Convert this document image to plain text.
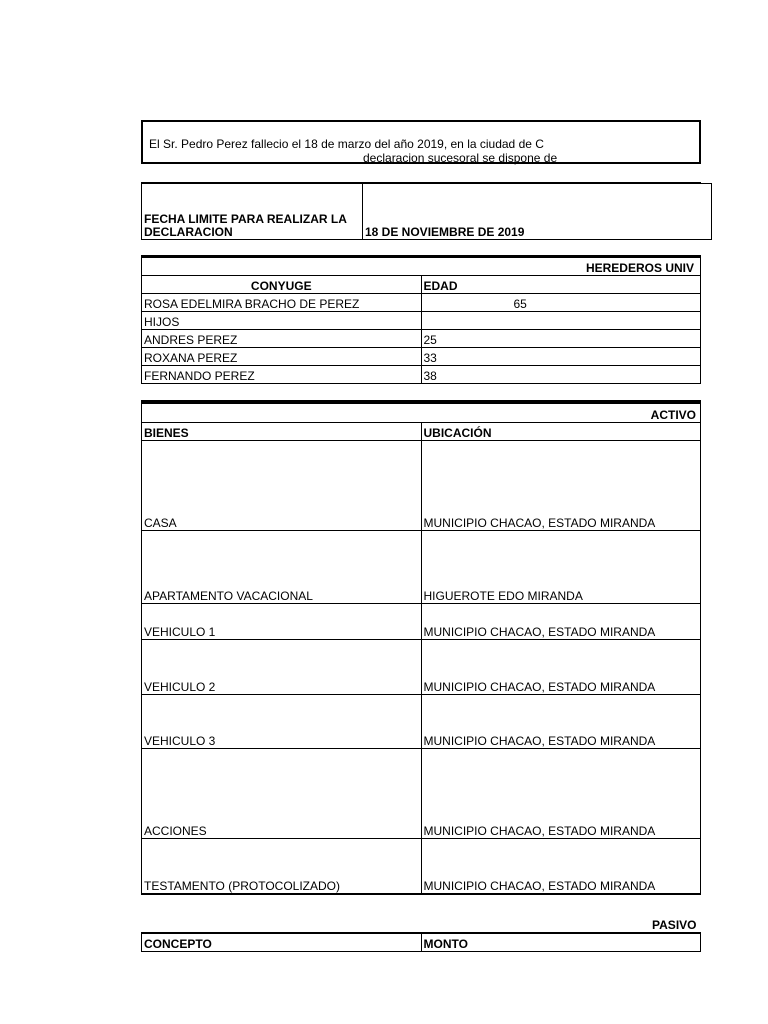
El Sr. Pedro Perez fallecio el 18 de marzo del año 2019, en la ciudad de C
declaracion sucesoral se dispone de
FECHA LIMITE PARA REALIZAR LA DECLARACION	18 DE NOVIEMBRE DE 2019
HEREDEROS UNIV	
CONYUGE	EDAD
ROSA EDELMIRA BRACHO DE PEREZ	65
HIJOS	
ANDRES PEREZ	25
ROXANA PEREZ	33
FERNANDO PEREZ	38
ACTIVO	
BIENES	UBICACIÓN
CASA	MUNICIPIO CHACAO, ESTADO MIRANDA
APARTAMENTO VACACIONAL	HIGUEROTE EDO MIRANDA
VEHICULO 1	MUNICIPIO CHACAO, ESTADO MIRANDA
VEHICULO 2	MUNICIPIO CHACAO, ESTADO MIRANDA
VEHICULO 3	MUNICIPIO CHACAO, ESTADO MIRANDA
ACCIONES	MUNICIPIO CHACAO, ESTADO MIRANDA
TESTAMENTO (PROTOCOLIZADO)	MUNICIPIO CHACAO, ESTADO MIRANDA
PASIVO
CONCEPTO	MONTO
